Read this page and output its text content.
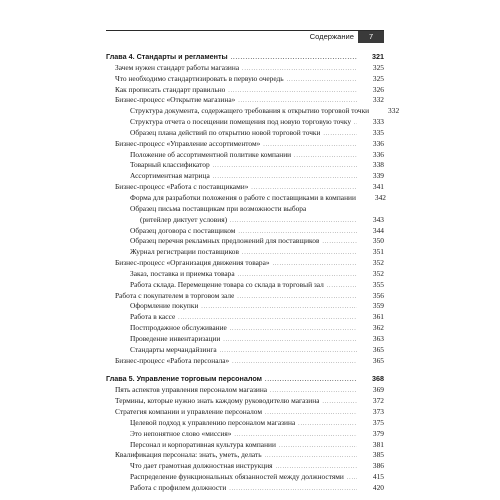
Содержание	7
Глава 4. Стандарты и регламенты .....	321
Зачем нужен стандарт работы магазина .....	325
Что необходимо стандартизировать в первую очередь .....	325
Как прописать стандарт правильно .....	326
Бизнес-процесс «Открытие магазина» .....	332
Структура документа, содержащего требования к открытию торговой точки	332
Структура отчета о посещении помещения под новую торговую точку .....	333
Образец плана действий по открытию новой торговой точки .....	335
Бизнес-процесс «Управление ассортиментом» .....	336
Положение об ассортиментной политике компании .....	336
Товарный классификатор .....	338
Ассортиментная матрица .....	339
Бизнес-процесс «Работа с поставщиками» .....	341
Форма для разработки положения о работе с поставщиками в компании	342
Образец письма поставщикам при возможности выбора
(ритейлер диктует условия) .....	343
Образец договора с поставщиком .....	344
Образец перечня рекламных предложений для поставщиков .....	350
Журнал регистрации поставщиков .....	351
Бизнес-процесс «Организация движения товара» .....	352
Заказ, поставка и приемка товара .....	352
Работа склада. Перемещение товара со склада в торговый зал .....	355
Работа с покупателем в торговом зале .....	356
Оформление покупки .....	359
Работа в кассе .....	361
Постпродажное обслуживание .....	362
Проведение инвентаризации .....	363
Стандарты мерчандайзинга .....	365
Бизнес-процесс «Работа персонала» .....	365
Глава 5. Управление торговым персоналом .....	368
Пять аспектов управления персоналом магазина .....	369
Термины, которые нужно знать каждому руководителю магазина .....	372
Стратегия компании и управление персоналом .....	373
Целевой подход к управлению персоналом магазина .....	375
Это непонятное слово «миссия» .....	379
Персонал и корпоративная культура компании .....	381
Квалификация персонала: знать, уметь, делать .....	385
Что дает грамотная должностная инструкция .....	386
Распределение функциональных обязанностей между должностями .....	415
Работа с профилем должности .....	420
